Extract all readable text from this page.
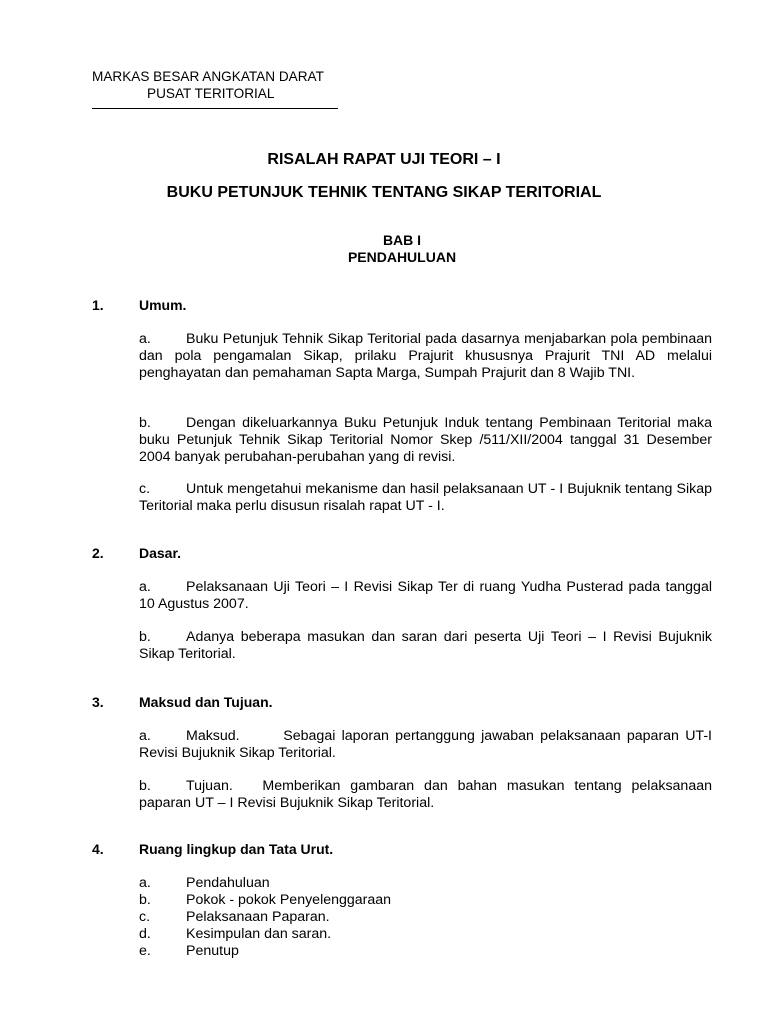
MARKAS BESAR ANGKATAN DARAT
PUSAT TERITORIAL
RISALAH RAPAT UJI TEORI – I
BUKU PETUNJUK TEHNIK TENTANG SIKAP TERITORIAL
BAB I
PENDAHULUAN
1.	Umum.
a. Buku Petunjuk Tehnik Sikap Teritorial pada dasarnya menjabarkan pola pembinaan dan pola pengamalan Sikap, prilaku Prajurit khususnya Prajurit TNI AD melalui penghayatan dan pemahaman Sapta Marga, Sumpah Prajurit dan 8 Wajib TNI.
b. Dengan dikeluarkannya Buku Petunjuk Induk tentang Pembinaan Teritorial maka buku Petunjuk Tehnik Sikap Teritorial Nomor Skep /511/XII/2004 tanggal 31 Desember 2004 banyak perubahan-perubahan yang di revisi.
c.	Untuk mengetahui mekanisme dan hasil pelaksanaan UT - I Bujuknik tentang Sikap Teritorial maka perlu disusun risalah rapat UT - I.
2.	Dasar.
a. Pelaksanaan Uji Teori – I Revisi Sikap Ter di ruang Yudha Pusterad pada tanggal 10 Agustus 2007.
b. Adanya beberapa masukan dan saran dari peserta Uji Teori – I Revisi Bujuknik Sikap Teritorial.
3.	Maksud dan Tujuan.
a. Maksud.       Sebagai laporan pertanggung jawaban pelaksanaan paparan UT-I Revisi Bujuknik Sikap Teritorial.
b. Tujuan.   Memberikan gambaran dan bahan masukan tentang pelaksanaan paparan UT – I Revisi Bujuknik Sikap Teritorial.
4.	Ruang lingkup dan Tata Urut.
a. Pendahuluan
b. Pokok - pokok Penyelenggaraan
c.	Pelaksanaan Paparan.
d. Kesimpulan dan saran.
e. Penutup
